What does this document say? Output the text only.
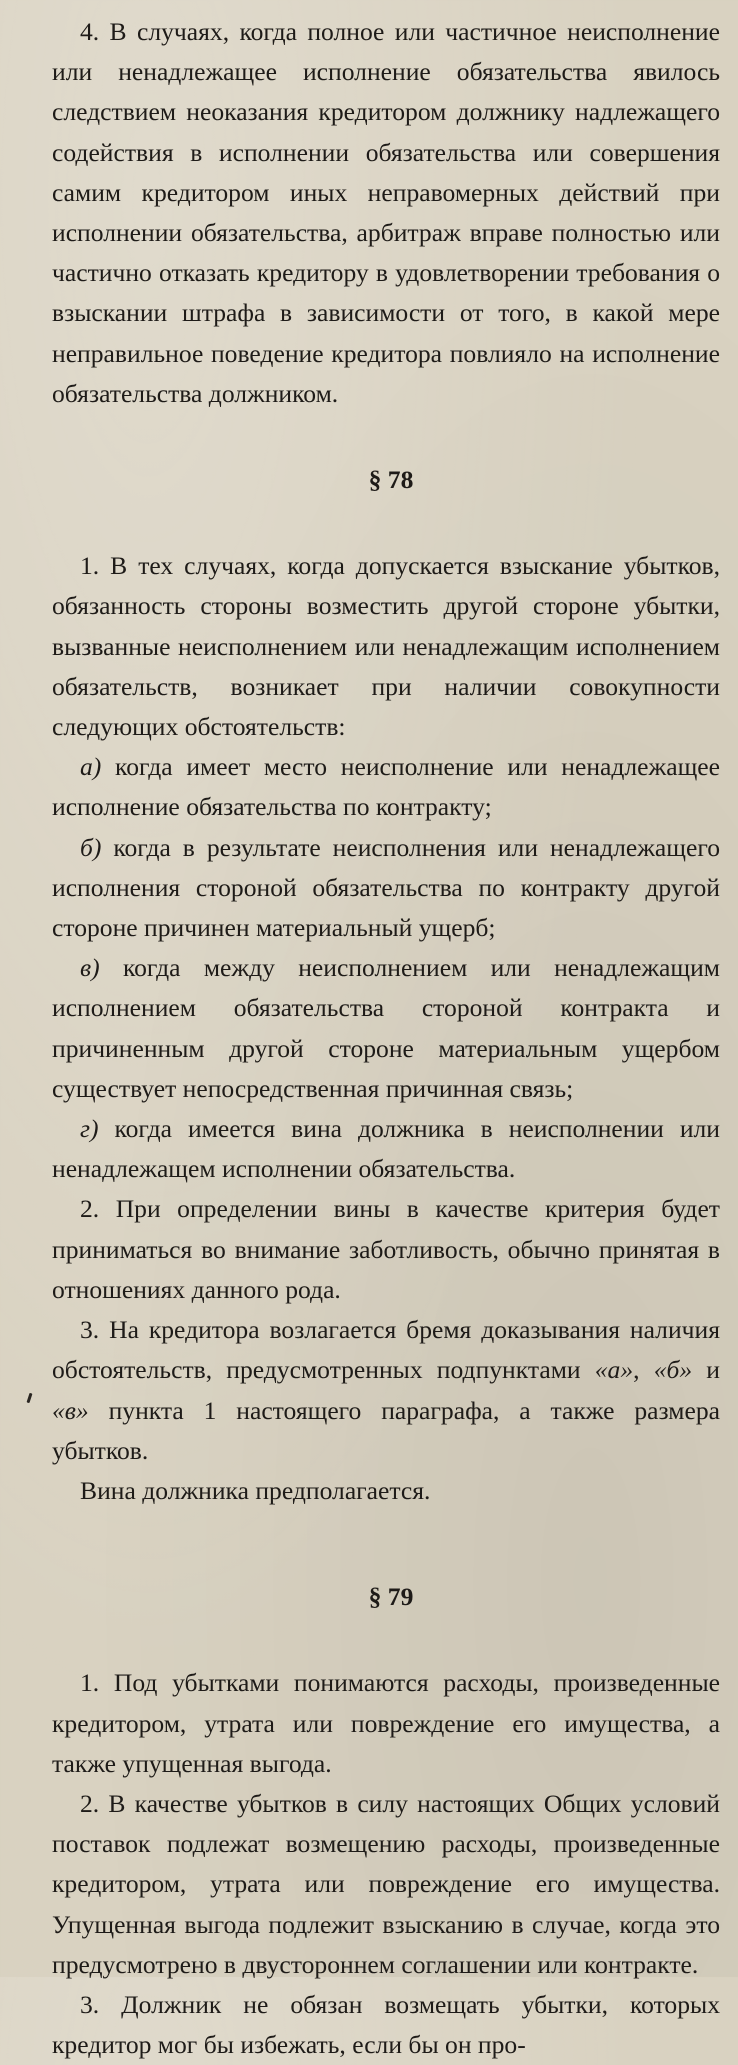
4. В случаях, когда полное или частичное неисполнение или ненадлежащее исполнение обязательства явилось следствием неоказания кредитором должнику надлежащего содействия в исполнении обязательства или совершения самим кредитором иных неправомерных действий при исполнении обязательства, арбитраж вправе полностью или частично отказать кредитору в удовлетворении требования о взыскании штрафа в зависимости от того, в какой мере неправильное поведение кредитора повлияло на исполнение обязательства должником.

§ 78

1. В тех случаях, когда допускается взыскание убытков, обязанность стороны возместить другой стороне убытки, вызванные неисполнением или ненадлежащим исполнением обязательств, возникает при наличии совокупности следующих обстоятельств:

а) когда имеет место неисполнение или ненадлежащее исполнение обязательства по контракту;

б) когда в результате неисполнения или ненадлежащего исполнения стороной обязательства по контракту другой стороне причинен материальный ущерб;

в) когда между неисполнением или ненадлежащим исполнением обязательства стороной контракта и причиненным другой стороне материальным ущербом существует непосредственная причинная связь;

г) когда имеется вина должника в неисполнении или ненадлежащем исполнении обязательства.

2. При определении вины в качестве критерия будет приниматься во внимание заботливость, обычно принятая в отношениях данного рода.

3. На кредитора возлагается бремя доказывания наличия обстоятельств, предусмотренных подпунктами «а», «б» и «в» пункта 1 настоящего параграфа, а также размера убытков.

Вина должника предполагается.

§ 79

1. Под убытками понимаются расходы, произведенные кредитором, утрата или повреждение его имущества, а также упущенная выгода.

2. В качестве убытков в силу настоящих Общих условий поставок подлежат возмещению расходы, произведенные кредитором, утрата или повреждение его имущества. Упущенная выгода подлежит взысканию в случае, когда это предусмотрено в двустороннем соглашении или контракте.

3. Должник не обязан возмещать убытки, которых кредитор мог бы избежать, если бы он про-
